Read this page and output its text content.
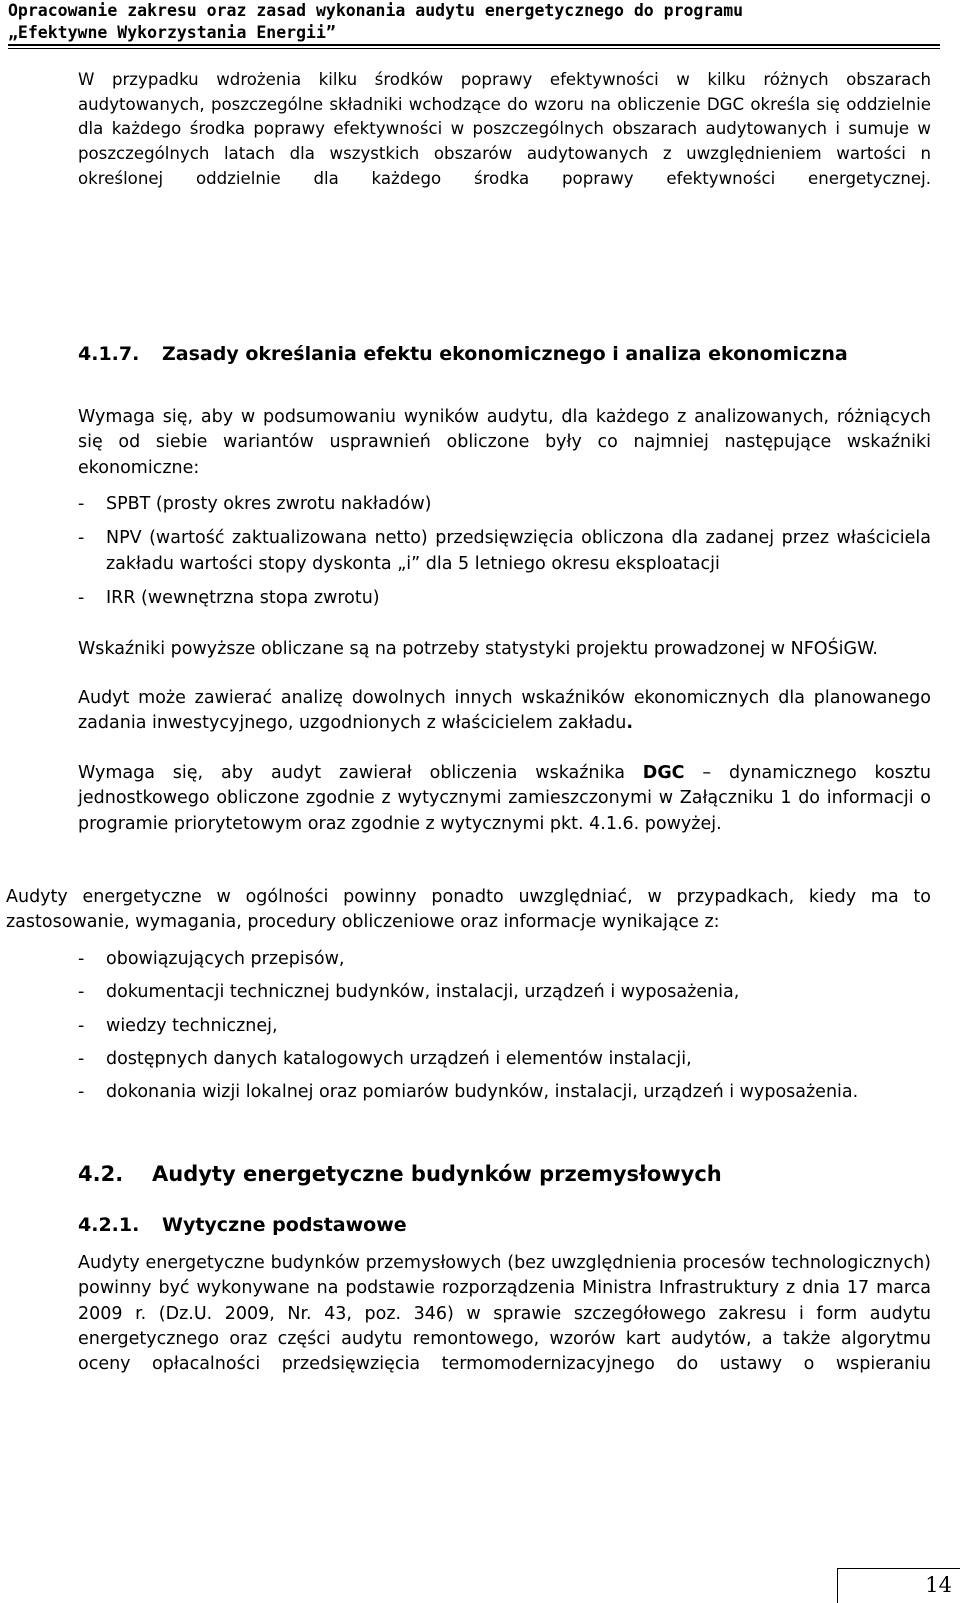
Opracowanie zakresu oraz zasad wykonania audytu energetycznego do programu
„Efektywne Wykorzystania Energii”

W przypadku wdrożenia kilku środków poprawy efektywności w kilku różnych obszarach audytowanych, poszczególne składniki wchodzące do wzoru na obliczenie DGC określa się oddzielnie dla każdego środka poprawy efektywności w poszczególnych obszarach audytowanych i sumuje w poszczególnych latach dla wszystkich obszarów audytowanych z uwzględnieniem wartości n określonej oddzielnie dla każdego środka poprawy efektywności energetycznej.

4.1.7. Zasady określania efektu ekonomicznego i analiza ekonomiczna

Wymaga się, aby w podsumowaniu wyników audytu, dla każdego z analizowanych, różniących się od siebie wariantów usprawnień obliczone były co najmniej następujące wskaźniki ekonomiczne:

- SPBT (prosty okres zwrotu nakładów)
- NPV (wartość zaktualizowana netto) przedsięwzięcia obliczona dla zadanej przez właściciela zakładu wartości stopy dyskonta „i” dla 5 letniego okresu eksploatacji
- IRR (wewnętrzna stopa zwrotu)

Wskaźniki powyższe obliczane są na potrzeby statystyki projektu prowadzonej w NFOŚiGW.

Audyt może zawierać analizę dowolnych innych wskaźników ekonomicznych dla planowanego zadania inwestycyjnego, uzgodnionych z właścicielem zakładu.

Wymaga się, aby audyt zawierał obliczenia wskaźnika DGC – dynamicznego kosztu jednostkowego obliczone zgodnie z wytycznymi zamieszczonymi w Załączniku 1 do informacji o programie priorytetowym oraz zgodnie z wytycznymi pkt. 4.1.6. powyżej.

Audyty energetyczne w ogólności powinny ponadto uwzględniać, w przypadkach, kiedy ma to zastosowanie, wymagania, procedury obliczeniowe oraz informacje wynikające z:

- obowiązujących przepisów,
- dokumentacji technicznej budynków, instalacji, urządzeń i wyposażenia,
- wiedzy technicznej,
- dostępnych danych katalogowych urządzeń i elementów instalacji,
- dokonania wizji lokalnej oraz pomiarów budynków, instalacji, urządzeń i wyposażenia.
4.2. Audyty energetyczne budynków przemysłowych
4.2.1. Wytyczne podstawowe

Audyty energetyczne budynków przemysłowych (bez uwzględnienia procesów technologicznych) powinny być wykonywane na podstawie rozporządzenia Ministra Infrastruktury z dnia 17 marca 2009 r. (Dz.U. 2009, Nr. 43, poz. 346) w sprawie szczegółowego zakresu i form audytu energetycznego oraz części audytu remontowego, wzorów kart audytów, a także algorytmu oceny opłacalności przedsięwzięcia termomodernizacyjnego do ustawy o wspieraniu

14
